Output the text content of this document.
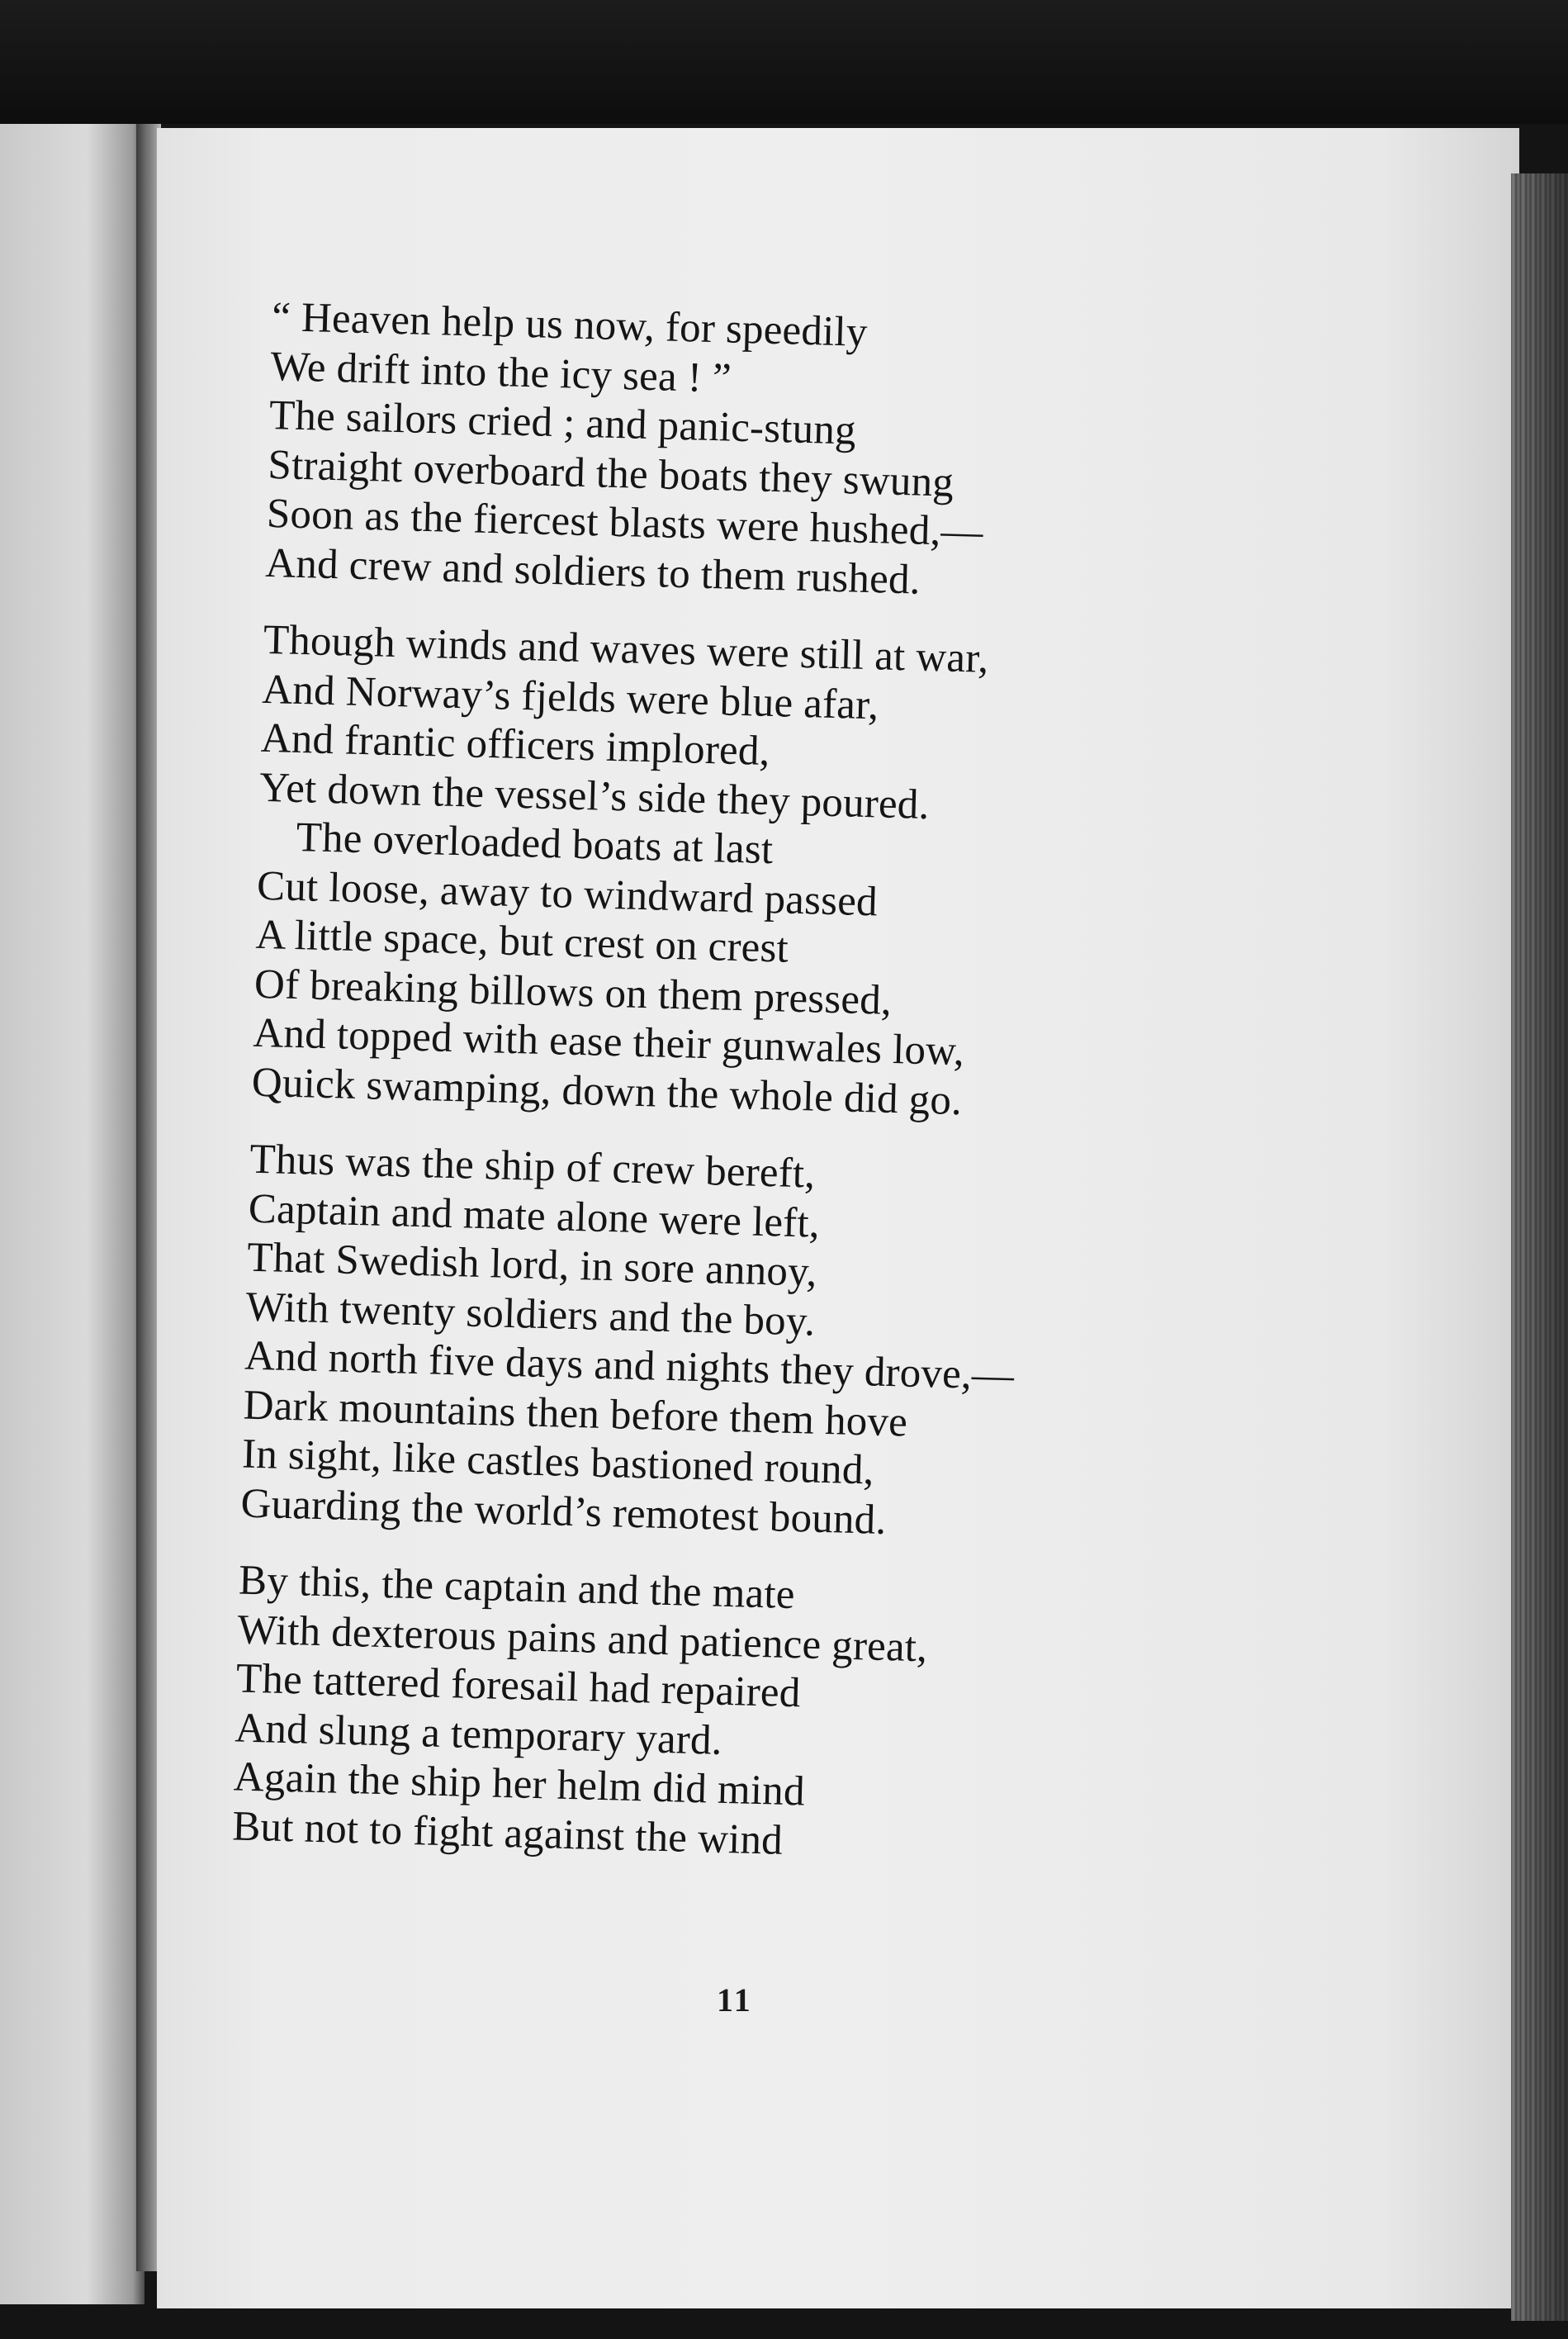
“ Heaven help us now, for speedily
We drift into the icy sea ! ”
The sailors cried ; and panic-stung
Straight overboard the boats they swung
Soon as the fiercest blasts were hushed,—
And crew and soldiers to them rushed.
Though winds and waves were still at war,
And Norway’s fjelds were blue afar,
And frantic officers implored,
Yet down the vessel’s side they poured.
The overloaded boats at last
Cut loose, away to windward passed
A little space, but crest on crest
Of breaking billows on them pressed,
And topped with ease their gunwales low,
Quick swamping, down the whole did go.
Thus was the ship of crew bereft,
Captain and mate alone were left,
That Swedish lord, in sore annoy,
With twenty soldiers and the boy.
And north five days and nights they drove,—
Dark mountains then before them hove
In sight, like castles bastioned round,
Guarding the world’s remotest bound.
By this, the captain and the mate
With dexterous pains and patience great,
The tattered foresail had repaired
And slung a temporary yard.
Again the ship her helm did mind
But not to fight against the wind
11
